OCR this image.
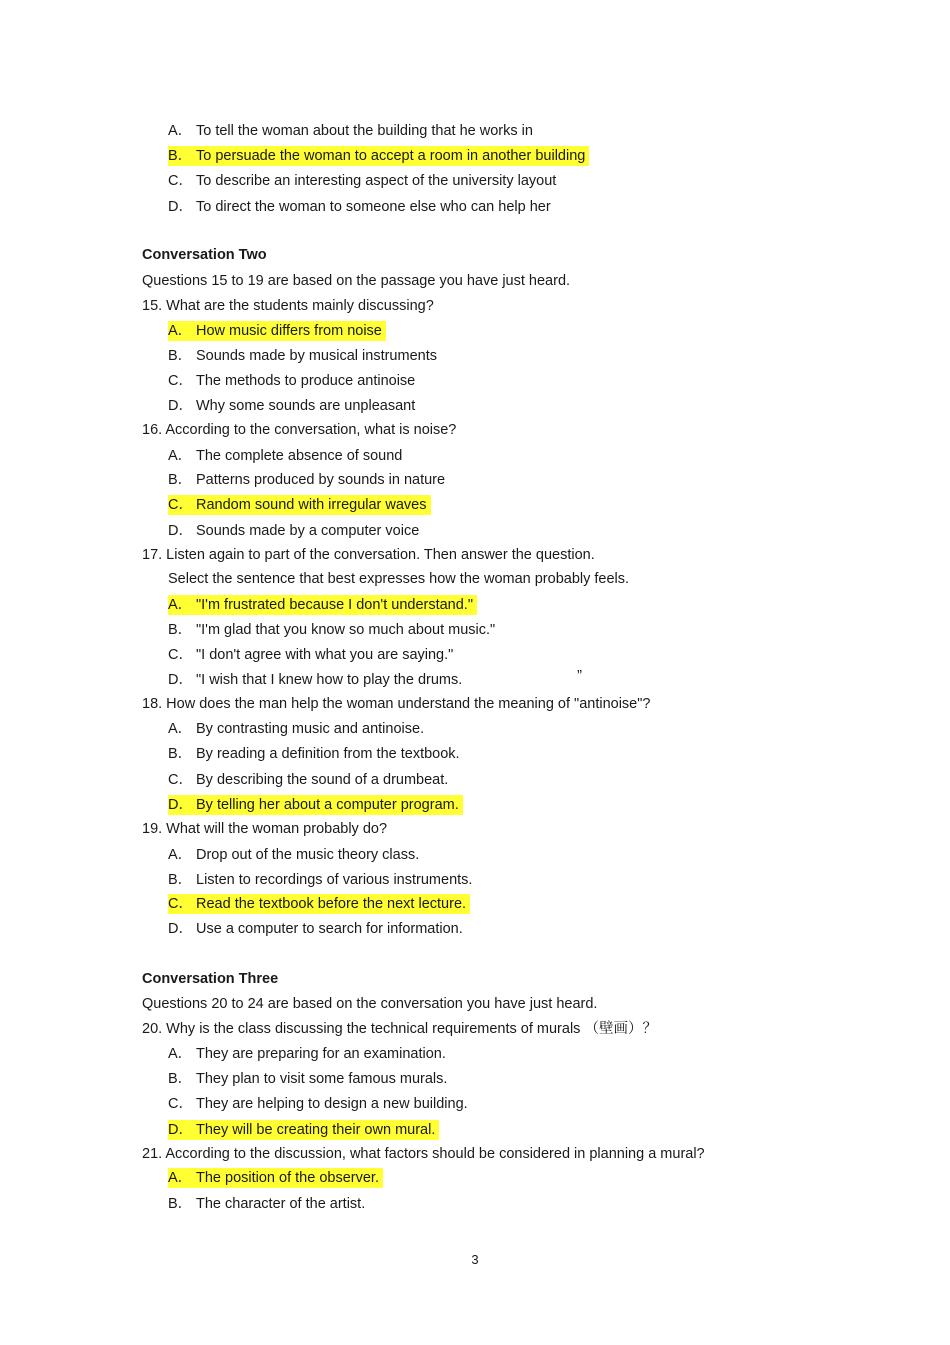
A． To tell the woman about the building that he works in
B． To persuade the woman to accept a room in another building
C． To describe an interesting aspect of the university layout
D． To direct the woman to someone else who can help her
Conversation Two
Questions 15 to 19 are based on the passage you have just heard.
15. What are the students mainly discussing?
A． How music differs from noise
B． Sounds made by musical instruments
C． The methods to produce antinoise
D． Why some sounds are unpleasant
16. According to the conversation, what is noise?
A． The complete absence of sound
B． Patterns produced by sounds in nature
C． Random sound with irregular waves
D． Sounds made by a computer voice
17. Listen again to part of the conversation. Then answer the question.
Select the sentence that best expresses how the woman probably feels.
A． "I'm frustrated because I don't understand."
B． "I'm glad that you know so much about music."
C． "I don't agree with what you are saying."
D． "I wish that I knew how to play the drums.
18. How does the man help the woman understand the meaning of "antinoise"?
A． By contrasting music and antinoise.
B． By reading a definition from the textbook.
C． By describing the sound of a drumbeat.
D． By telling her about a computer program.
19. What will the woman probably do?
A． Drop out of the music theory class.
B． Listen to recordings of various instruments.
C． Read the textbook before the next lecture.
D． Use a computer to search for information.
Conversation Three
Questions 20 to 24 are based on the conversation you have just heard.
20. Why is the class discussing the technical requirements of murals （壁画）？
A． They are preparing for an examination.
B． They plan to visit some famous murals.
C． They are helping to design a new building.
D． They will be creating their own mural.
21. According to the discussion, what factors should be considered in planning a mural?
A． The position of the observer.
B． The character of the artist.
”
3
